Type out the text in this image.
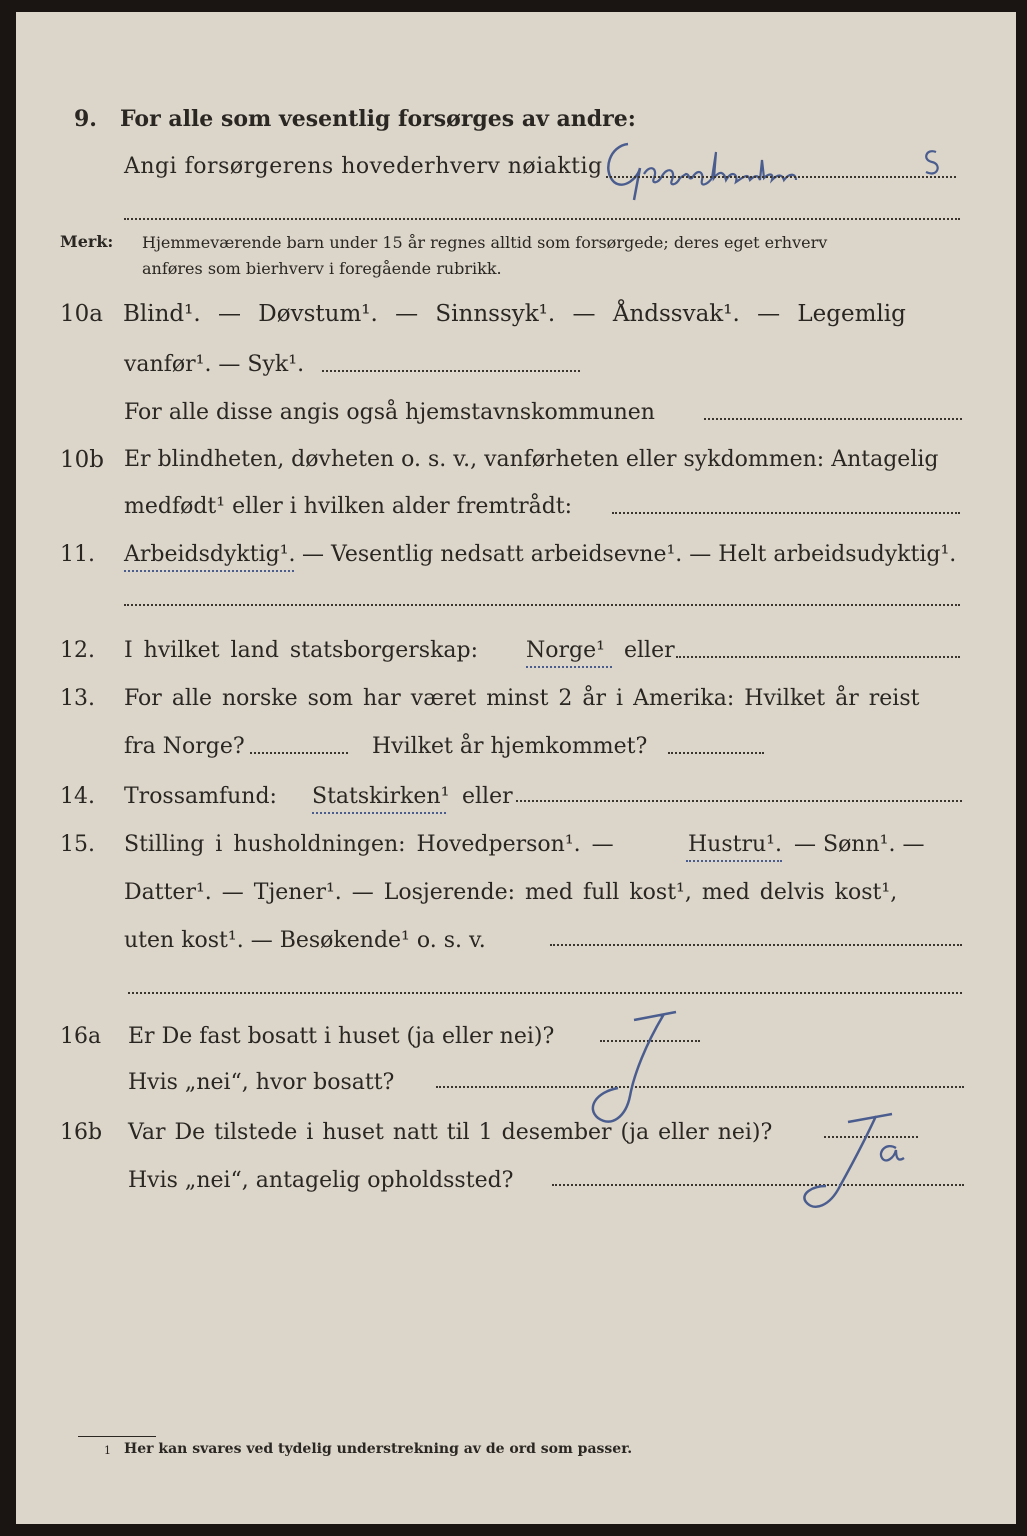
9. For alle som vesentlig forsørges av andre:
Angi forsørgerens hovederhverv nøiaktig
Merk: Hjemmeværende barn under 15 år regnes alltid som forsørgede; deres eget erhverv
anføres som bierhverv i foregående rubrikk.
10a Blind¹. — Døvstum¹. — Sinnssyk¹. — Åndssvak¹. — Legemlig
vanfør¹. — Syk¹.
For alle disse angis også hjemstavnskommunen
10b Er blindheten, døvheten o. s. v., vanførheten eller sykdommen: Antagelig
medfødt¹ eller i hvilken alder fremtrådt:
11. Arbeidsdyktig¹. — Vesentlig nedsatt arbeidsevne¹. — Helt arbeidsudyktig¹.
12. I hvilket land statsborgerskap: Norge¹ eller
13. For alle norske som har været minst 2 år i Amerika: Hvilket år reist
fra Norge?	Hvilket år hjemkommet?
14. Trossamfund: Statskirken¹ eller
15. Stilling i husholdningen: Hovedperson¹. —	Hustru¹. — Sønn¹. —
Datter¹. — Tjener¹. — Losjerende: med full kost¹, med delvis kost¹,
uten kost¹. — Besøkende¹ o. s. v.
16a Er De fast bosatt i huset (ja eller nei)?
Hvis „nei“, hvor bosatt?
16b Var De tilstede i huset natt til 1 desember (ja eller nei)?
Hvis „nei“, antagelig opholdssted?
1 Her kan svares ved tydelig understrekning av de ord som passer.
